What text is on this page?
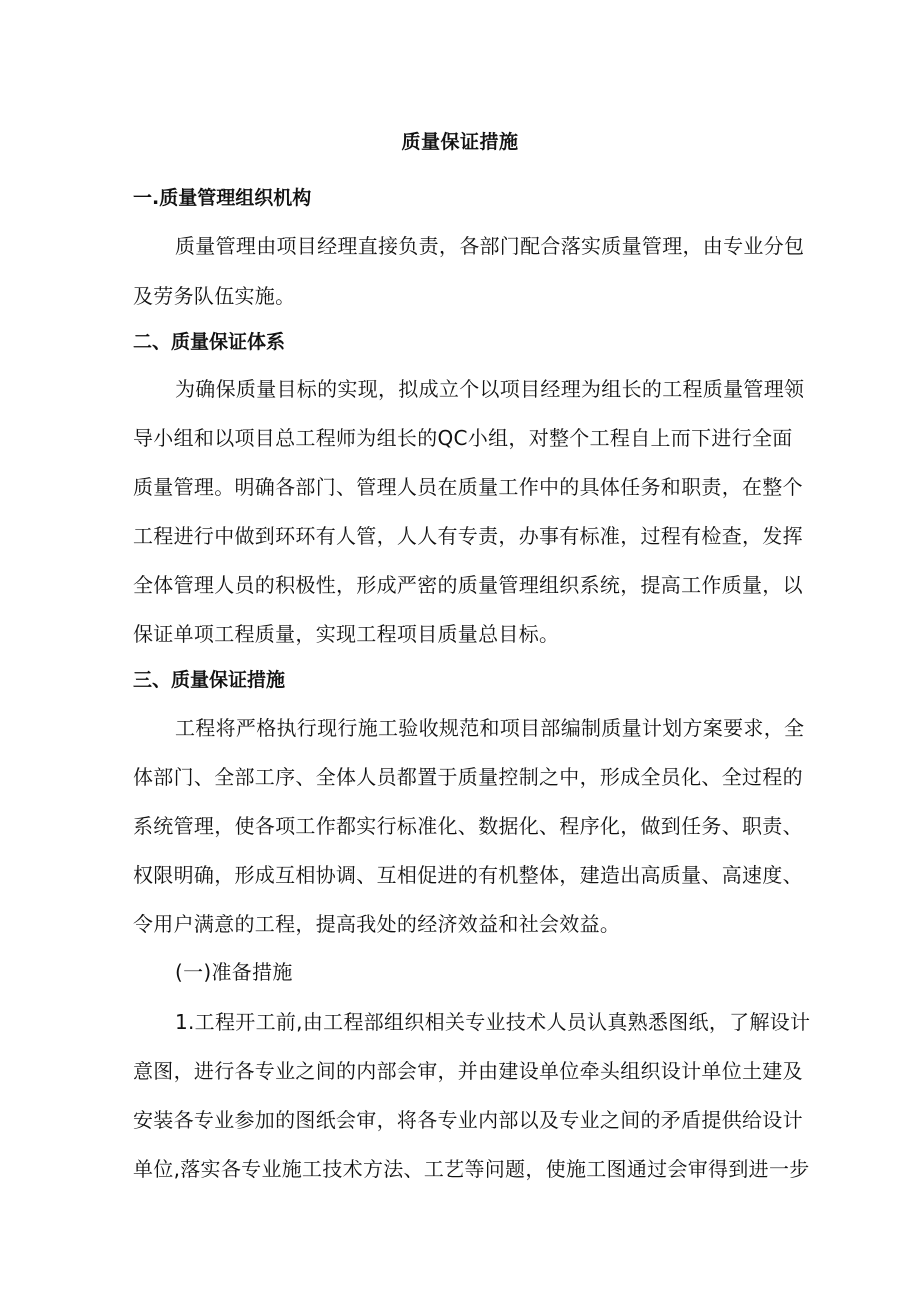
质量保证措施
一.质量管理组织机构
质量管理由项目经理直接负责，各部门配合落实质量管理，由专业分包
及劳务队伍实施。
二、质量保证体系
为确保质量目标的实现，拟成立个以项目经理为组长的工程质量管理领
导小组和以项目总工程师为组长的QC小组，对整个工程自上而下进行全面
质量管理。明确各部门、管理人员在质量工作中的具体任务和职责，在整个
工程进行中做到环环有人管，人人有专责，办事有标准，过程有检查，发挥
全体管理人员的积极性，形成严密的质量管理组织系统，提高工作质量，以
保证单项工程质量，实现工程项目质量总目标。
三、质量保证措施
工程将严格执行现行施工验收规范和项目部编制质量计划方案要求，全
体部门、全部工序、全体人员都置于质量控制之中，形成全员化、全过程的
系统管理，使各项工作都实行标准化、数据化、程序化，做到任务、职责、
权限明确，形成互相协调、互相促进的有机整体，建造出高质量、高速度、
令用户满意的工程，提高我处的经济效益和社会效益。
(一)准备措施
1.工程开工前,由工程部组织相关专业技术人员认真熟悉图纸，了解设计
意图，进行各专业之间的内部会审，并由建设单位牵头组织设计单位土建及
安装各专业参加的图纸会审，将各专业内部以及专业之间的矛盾提供给设计
单位,落实各专业施工技术方法、工艺等问题，使施工图通过会审得到进一步
